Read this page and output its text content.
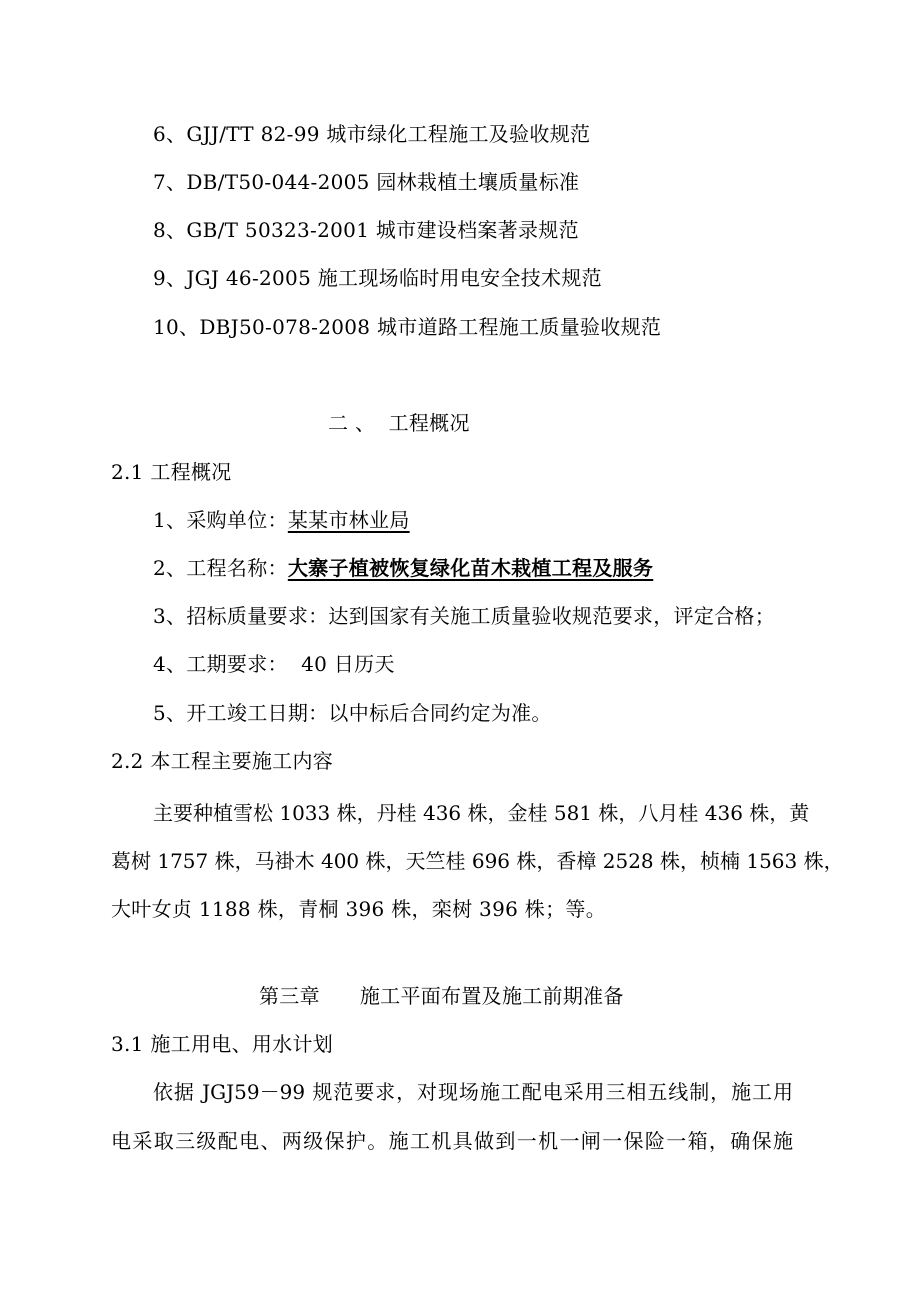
6、GJJ/TT 82-99 城市绿化工程施工及验收规范
7、DB/T50-044-2005 园林栽植土壤质量标准
8、GB/T 50323-2001 城市建设档案著录规范
9、JGJ 46-2005 施工现场临时用电安全技术规范
10、DBJ50-078-2008 城市道路工程施工质量验收规范
二 、  工程概况
2.1 工程概况
1、采购单位：某某市林业局
2、工程名称：大寨子植被恢复绿化苗木栽植工程及服务
3、招标质量要求：达到国家有关施工质量验收规范要求，评定合格；
4、工期要求：  40 日历天
5、开工竣工日期：以中标后合同约定为准。
2.2 本工程主要施工内容
主要种植雪松 1033 株，丹桂 436 株，金桂 581 株，八月桂 436 株，黄
葛树 1757 株，马褂木 400 株，天竺桂 696 株，香樟 2528 株，桢楠 1563 株，
大叶女贞 1188 株，青桐 396 株，栾树 396 株；等。
第三章      施工平面布置及施工前期准备
3.1 施工用电、用水计划
依据 JGJ59－99 规范要求，对现场施工配电采用三相五线制，施工用
电采取三级配电、两级保护。施工机具做到一机一闸一保险一箱，确保施
